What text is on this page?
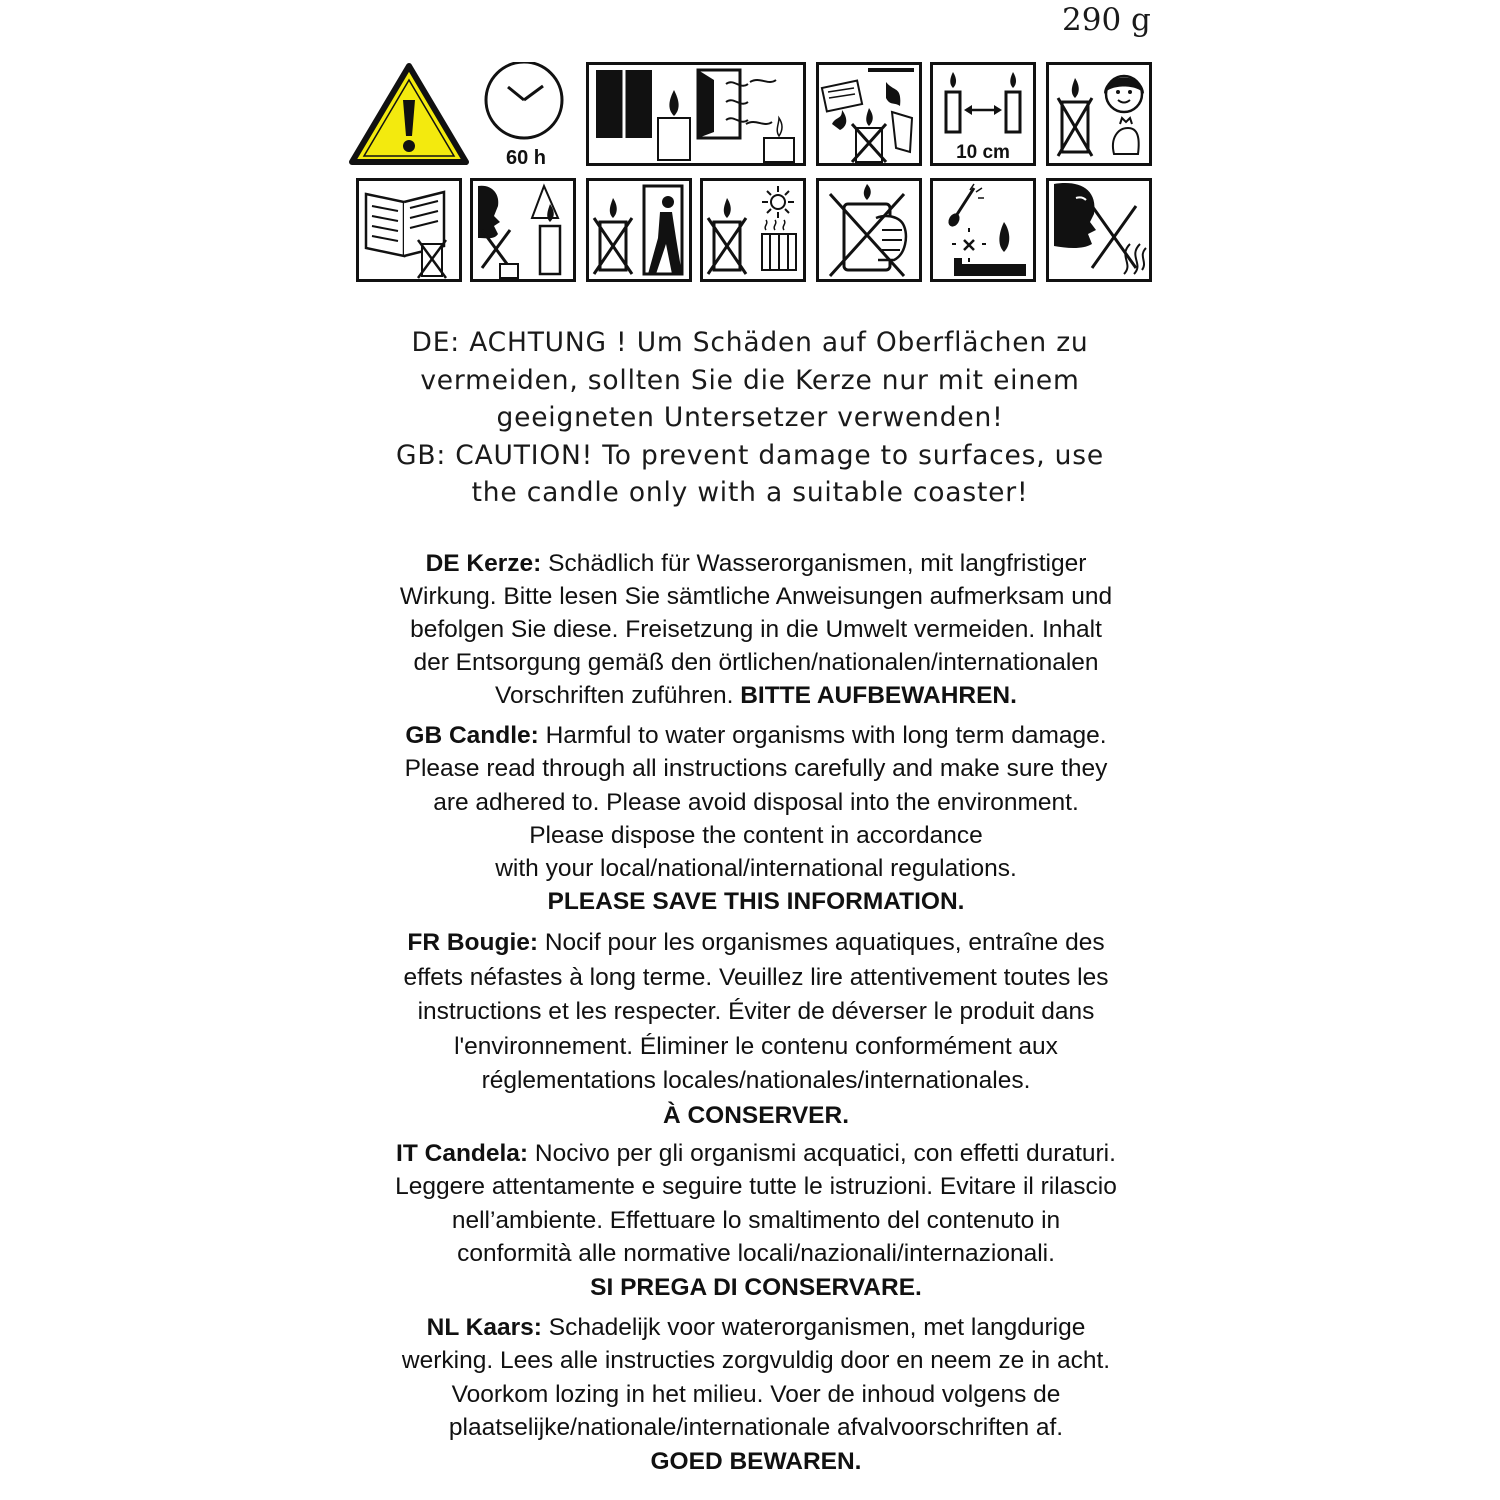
290 g
60 h	10 cm
DE: ACHTUNG ! Um Schäden auf Oberflächen zu
vermeiden, sollten Sie die Kerze nur mit einem
geeigneten Untersetzer verwenden!
GB: CAUTION! To prevent damage to surfaces, use
the candle only with a suitable coaster!
DE Kerze: Schädlich für Wasserorganismen, mit langfristiger
Wirkung. Bitte lesen Sie sämtliche Anweisungen aufmerksam und
befolgen Sie diese. Freisetzung in die Umwelt vermeiden. Inhalt
der Entsorgung gemäß den örtlichen/nationalen/internationalen
Vorschriften zuführen. BITTE AUFBEWAHREN.
GB Candle: Harmful to water organisms with long term damage.
Please read through all instructions carefully and make sure they
are adhered to. Please avoid disposal into the environment.
Please dispose the content in accordance
with your local/national/international regulations.
PLEASE SAVE THIS INFORMATION.
FR Bougie: Nocif pour les organismes aquatiques, entraîne des
effets néfastes à long terme. Veuillez lire attentivement toutes les
instructions et les respecter. Éviter de déverser le produit dans
l'environnement. Éliminer le contenu conformément aux
réglementations locales/nationales/internationales.
À CONSERVER.
IT Candela: Nocivo per gli organismi acquatici, con effetti duraturi.
Leggere attentamente e seguire tutte le istruzioni. Evitare il rilascio
nell’ambiente. Effettuare lo smaltimento del contenuto in
conformità alle normative locali/nazionali/internazionali.
SI PREGA DI CONSERVARE.
NL Kaars: Schadelijk voor waterorganismen, met langdurige
werking. Lees alle instructies zorgvuldig door en neem ze in acht.
Voorkom lozing in het milieu. Voer de inhoud volgens de
plaatselijke/nationale/internationale afvalvoorschriften af.
GOED BEWAREN.
